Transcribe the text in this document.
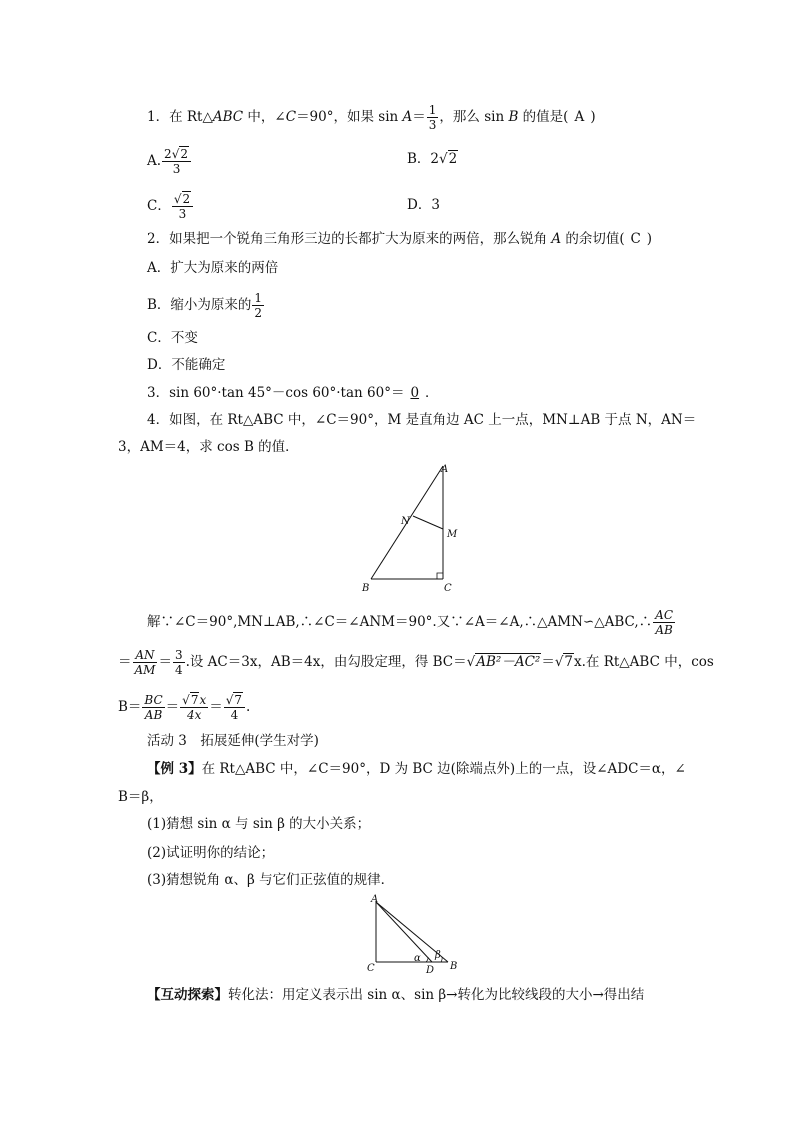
1．在 Rt△ABC 中，∠C＝90°，如果 $\sin A= \frac{1}{3}$ ，那么 sin B 的值是( A )
A. $\frac{2√2}{3}$	B．2√2
C． $\frac{√2}{3}$	D．3
2．如果把一个锐角三角形三边的长都扩大为原来的两倍，那么锐角 A 的余切值( C )
A．扩大为原来的两倍
B．缩小为原来的 $\frac{1}{2}$
C．不变
D．不能确定
3．sin 60°·tan 45°－cos 60°·tan 60°＝ 0 ．
4．如图，在 Rt△ABC 中，∠C＝90°，M 是直角边 AC 上一点，MN⊥AB 于点 N，AN＝
3，AM＝4，求 cos B 的值．
A
N
M
B	C
解∵∠C＝90°,MN⊥AB,∴∠C＝∠ANM＝90°.又∵∠A＝∠A,∴△AMN∽△ABC,∴ $\frac{AC}{AB}$
＝ $\frac{AN}{AM} = \frac{3}{4}$ .设 AC＝3x，AB＝4x，由勾股定理，得 BC＝√AB²－AC²＝√7x.在 Rt△ABC 中，cos
$B= \frac{BC}{AB} = \frac{√7x}{4x} = \frac{√7}{4}$ .
活动 3　拓展延伸(学生对学)
【例 3】在 Rt△ABC 中，∠C＝90°，D 为 BC 边(除端点外)上的一点，设∠ADC＝α，∠
B＝β，
(1)猜想 sin α 与 sin β 的大小关系；
(2)试证明你的结论；
(3)猜想锐角 α、β 与它们正弦值的规律．
A
C
α β
D B
【互动探索】转化法：用定义表示出 sin α、sin β→转化为比较线段的大小→得出结
